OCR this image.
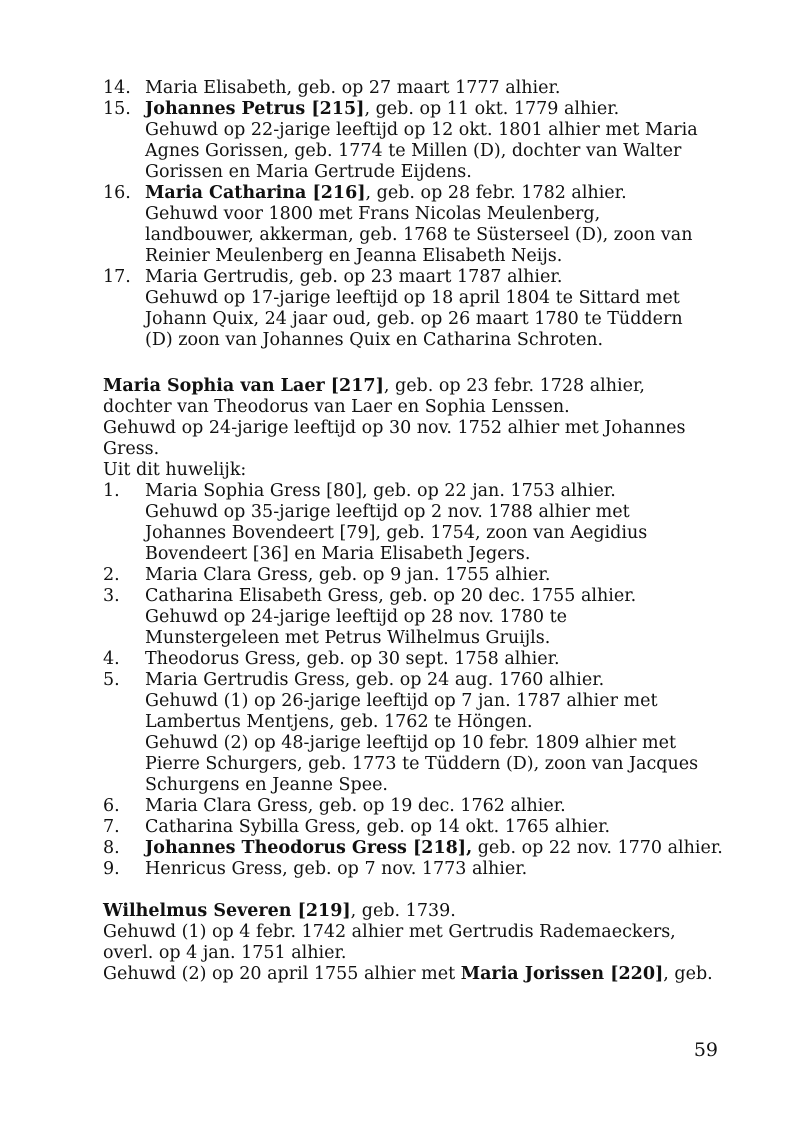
14. Maria Elisabeth, geb. op 27 maart 1777 alhier.
15. Johannes Petrus [215], geb. op 11 okt. 1779 alhier.
Gehuwd op 22-jarige leeftijd op 12 okt. 1801 alhier met Maria
Agnes Gorissen, geb. 1774 te Millen (D), dochter van Walter
Gorissen en Maria Gertrude Eijdens.
16. Maria Catharina [216], geb. op 28 febr. 1782 alhier.
Gehuwd voor 1800 met Frans Nicolas Meulenberg,
landbouwer, akkerman, geb. 1768 te Süsterseel (D), zoon van
Reinier Meulenberg en Jeanna Elisabeth Neijs.
17. Maria Gertrudis, geb. op 23 maart 1787 alhier.
Gehuwd op 17-jarige leeftijd op 18 april 1804 te Sittard met
Johann Quix, 24 jaar oud, geb. op 26 maart 1780 te Tüddern
(D) zoon van Johannes Quix en Catharina Schroten.
Maria Sophia van Laer [217], geb. op 23 febr. 1728 alhier,
dochter van Theodorus van Laer en Sophia Lenssen.
Gehuwd op 24-jarige leeftijd op 30 nov. 1752 alhier met Johannes
Gress.
Uit dit huwelijk:
1. Maria Sophia Gress [80], geb. op 22 jan. 1753 alhier.
Gehuwd op 35-jarige leeftijd op 2 nov. 1788 alhier met
Johannes Bovendeert [79], geb. 1754, zoon van Aegidius
Bovendeert [36] en Maria Elisabeth Jegers.
2. Maria Clara Gress, geb. op 9 jan. 1755 alhier.
3. Catharina Elisabeth Gress, geb. op 20 dec. 1755 alhier.
Gehuwd op 24-jarige leeftijd op 28 nov. 1780 te
Munstergeleen met Petrus Wilhelmus Gruijls.
4. Theodorus Gress, geb. op 30 sept. 1758 alhier.
5. Maria Gertrudis Gress, geb. op 24 aug. 1760 alhier.
Gehuwd (1) op 26-jarige leeftijd op 7 jan. 1787 alhier met
Lambertus Mentjens, geb. 1762 te Höngen.
Gehuwd (2) op 48-jarige leeftijd op 10 febr. 1809 alhier met
Pierre Schurgers, geb. 1773 te Tüddern (D), zoon van Jacques
Schurgens en Jeanne Spee.
6. Maria Clara Gress, geb. op 19 dec. 1762 alhier.
7. Catharina Sybilla Gress, geb. op 14 okt. 1765 alhier.
8. Johannes Theodorus Gress [218], geb. op 22 nov. 1770 alhier.
9. Henricus Gress, geb. op 7 nov. 1773 alhier.
Wilhelmus Severen [219], geb. 1739.
Gehuwd (1) op 4 febr. 1742 alhier met Gertrudis Rademaeckers,
overl. op 4 jan. 1751 alhier.
Gehuwd (2) op 20 april 1755 alhier met Maria Jorissen [220], geb.
59
